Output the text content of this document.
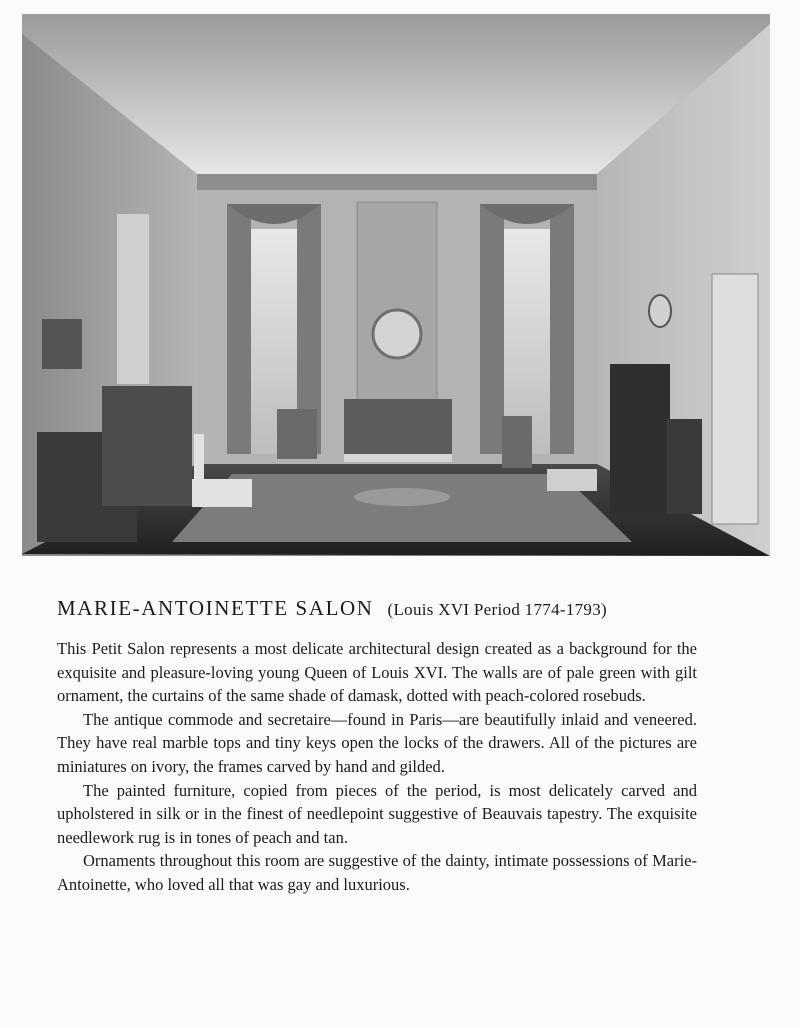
MARIE-ANTOINETTE SALON (Louis XVI Period 1774-1793)

This Petit Salon represents a most delicate architectural design created as a background for the exquisite and pleasure-loving young Queen of Louis XVI. The walls are of pale green with gilt ornament, the curtains of the same shade of damask, dotted with peach-colored rosebuds.

The antique commode and secretaire—found in Paris—are beautifully inlaid and veneered. They have real marble tops and tiny keys open the locks of the drawers. All of the pictures are miniatures on ivory, the frames carved by hand and gilded.

The painted furniture, copied from pieces of the period, is most delicately carved and upholstered in silk or in the finest of needlepoint suggestive of Beauvais tapestry. The exquisite needlework rug is in tones of peach and tan.

Ornaments throughout this room are suggestive of the dainty, intimate possessions of Marie-Antoinette, who loved all that was gay and luxurious.
